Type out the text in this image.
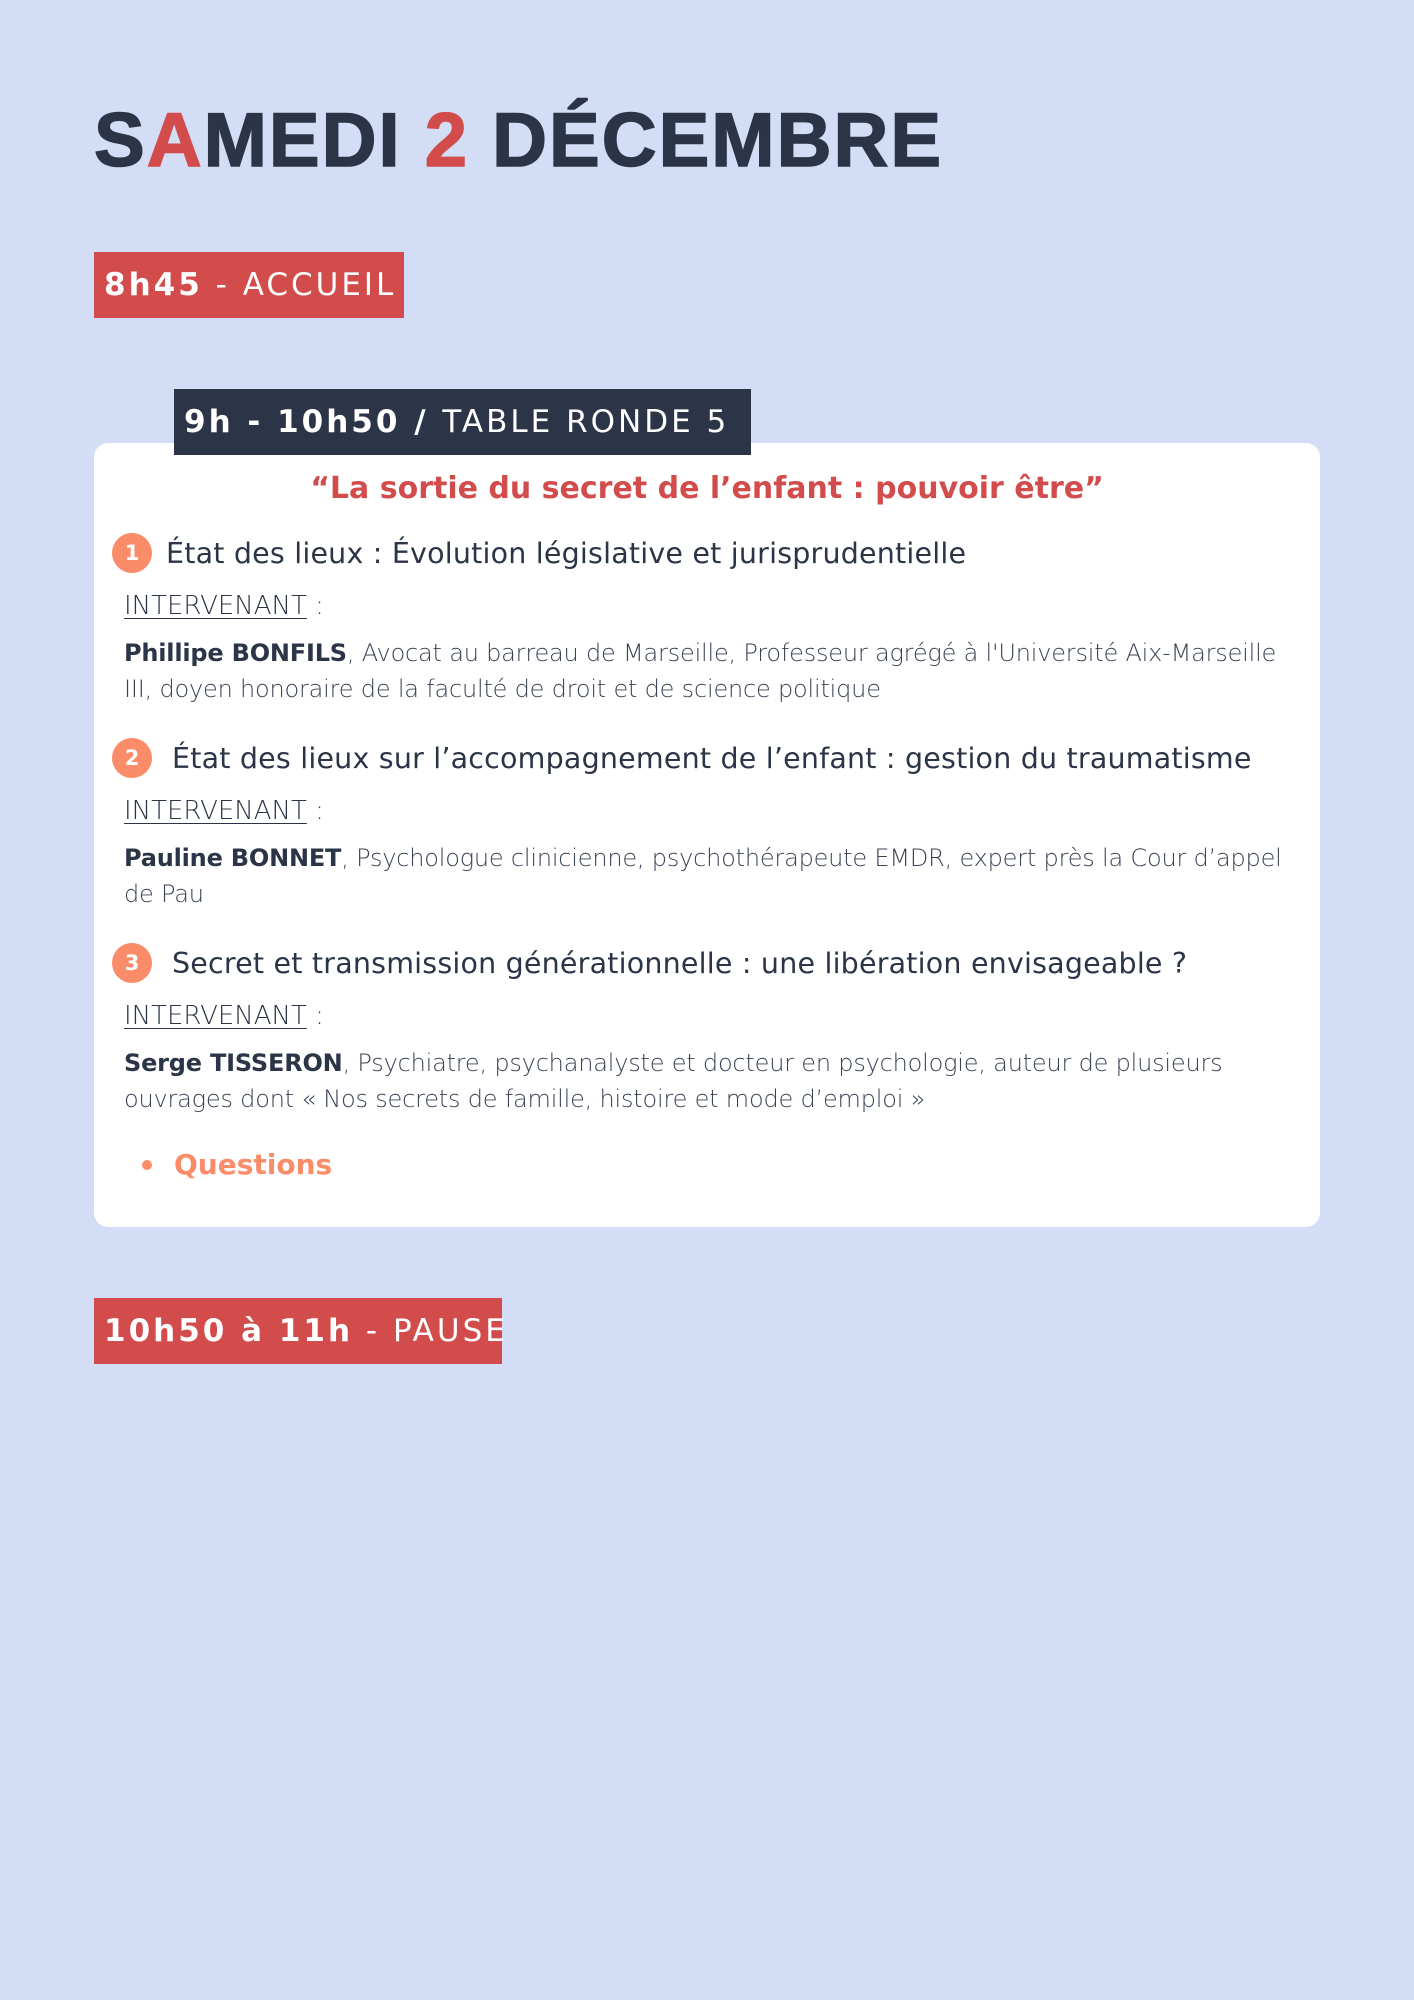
SAMEDI 2 DÉCEMBRE
8h45 - ACCUEIL
9h - 10h50 / TABLE RONDE 5
“La sortie du secret de l’enfant : pouvoir être”
1 État des lieux : Évolution législative et jurisprudentielle
INTERVENANT :
Phillipe BONFILS, Avocat au barreau de Marseille, Professeur agrégé à l'Université Aix-Marseille III, doyen honoraire de la faculté de droit et de science politique
2	État des lieux sur l’accompagnement de l’enfant : gestion du traumatisme
INTERVENANT :
Pauline BONNET, Psychologue clinicienne, psychothérapeute EMDR, expert près la Cour d’appel de Pau
3	Secret et transmission générationnelle : une libération envisageable ?
INTERVENANT :
Serge TISSERON, Psychiatre, psychanalyste et docteur en psychologie, auteur de plusieurs ouvrages dont « Nos secrets de famille, histoire et mode d’emploi »
Questions
10h50 à 11h - PAUSE
